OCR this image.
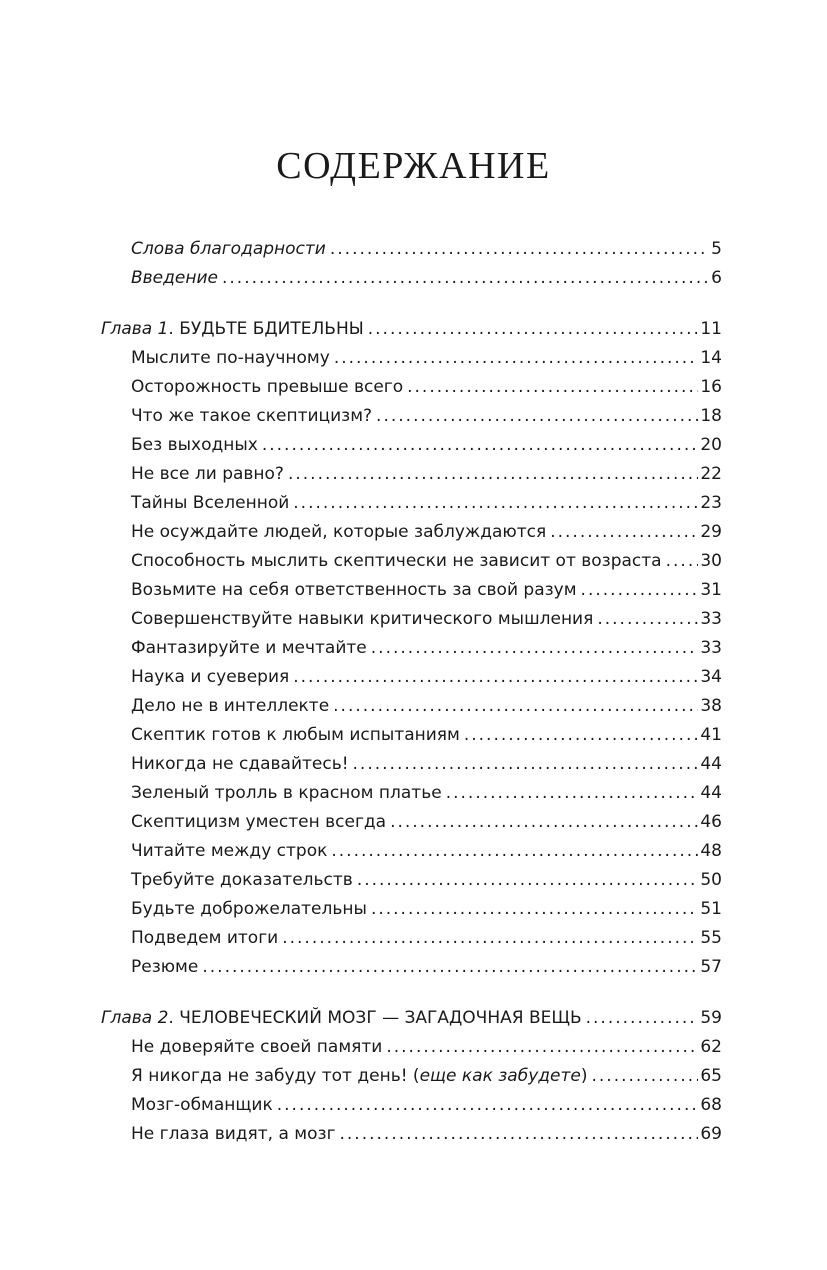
СОДЕРЖАНИЕ
Слова благодарности .....	5
Введение .....	6
Глава 1. БУДЬТЕ БДИТЕЛЬНЫ .....	11
Мыслите по-научному .....	14
Осторожность превыше всего .....	16
Что же такое скептицизм? .....	18
Без выходных .....	20
Не все ли равно? .....	22
Тайны Вселенной .....	23
Не осуждайте людей, которые заблуждаются .....	29
Способность мыслить скептически не зависит от возраста ..... 30
Возьмите на себя ответственность за свой разум .....	31
Совершенствуйте навыки критического мышления .....	33
Фантазируйте и мечтайте .....	33
Наука и суеверия .....	34
Дело не в интеллекте .....	38
Скептик готов к любым испытаниям .....	41
Никогда не сдавайтесь! .....	44
Зеленый тролль в красном платье .....	44
Скептицизм уместен всегда .....	46
Читайте между строк .....	48
Требуйте доказательств .....	50
Будьте доброжелательны .....	51
Подведем итоги .....	55
Резюме .....	57
Глава 2. ЧЕЛОВЕЧЕСКИЙ МОЗГ — ЗАГАДОЧНАЯ ВЕЩЬ .....	59
Не доверяйте своей памяти .....	62
Я никогда не забуду тот день! (еще как забудете) .....	65
Мозг-обманщик .....	68
Не глаза видят, а мозг .....	69
